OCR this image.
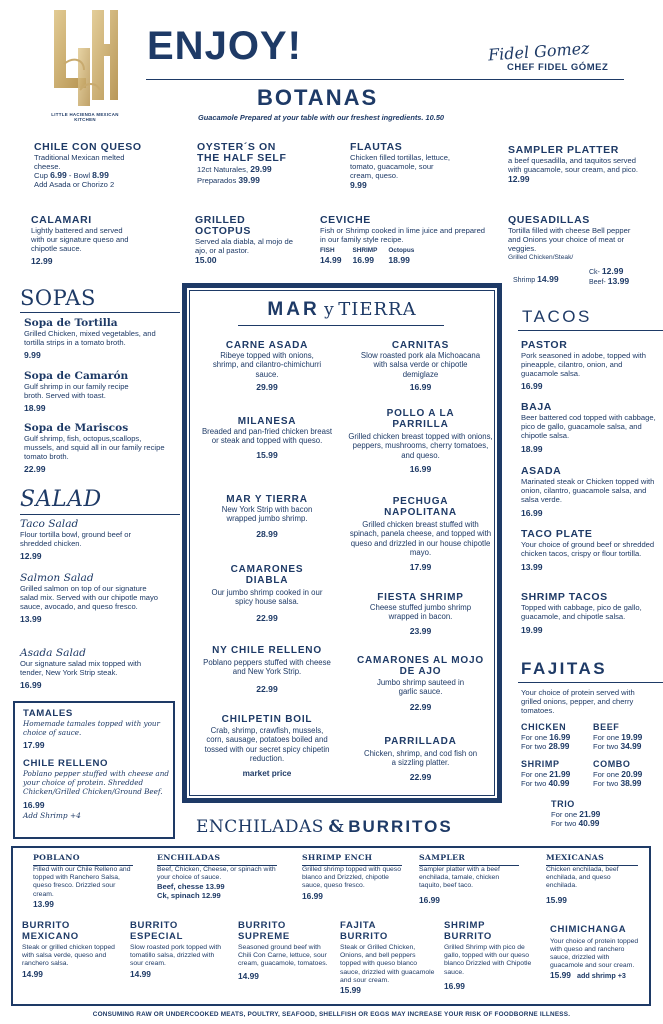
LITTLE HACIENDA MEXICAN KITCHEN
ENJOY!	Fidel Gomez
CHEF FIDEL GÓMEZ
BOTANAS
Guacamole Prepared at your table with our freshest ingredients. 10.50
CHILE CON QUESO
Traditional Mexican melted cheese.
Cup 6.99 - Bowl 8.99
Add Asada or Chorizo 2
OYSTER´S ON
THE HALF SELF
12ct Naturales, 29.99
Preparados 39.99
FLAUTAS
Chicken filled tortillas, lettuce, tomato, guacamole, sour cream, queso.
9.99
SAMPLER PLATTER
a beef quesadilla, and taquitos served with guacamole, sour cream, and pico.
12.99
CALAMARI
Lightly battered and served with our signature queso and chipotle sauce.
12.99
GRILLED
OCTOPUS
Served ala diabla, al mojo de ajo, or al pastor.
15.00
CEVICHE
Fish or Shrimp cooked in lime juice and prepared in our family style recipe.
FISH
14.99
SHRIMP
16.99
Octopus
18.99
QUESADILLAS
Tortilla filled with cheese Bell pepper and Onions your choice of meat or veggies.
Grilled Chicken/Steak/
Ck- 12.99
Beef- 13.99
Shrimp 14.99
SOPAS
Sopa de Tortilla
Grilled Chicken, mixed vegetables, and tortilla strips in a tomato broth.
9.99
Sopa de Camarón
Gulf shrimp in our family recipe broth. Served with toast.
18.99
Sopa de Mariscos
Gulf shrimp, fish, octopus,scallops, mussels, and squid all in our family recipe tomato broth.
22.99
SALAD
Taco Salad
Flour tortilla bowl, ground beef or shredded chicken.
12.99
Salmon Salad
Grilled salmon on top of our signature salad mix. Served with our chipotle mayo sauce, avocado, and queso fresco.
13.99
Asada Salad
Our signature salad mix topped with tender, New York Strip steak.
16.99
TAMALES
Homemade tamales topped with your choice of sauce.
17.99
CHILE RELLENO
Poblano pepper stuffed with cheese and your choice of protein. Shredded Chicken/Grilled Chicken/Ground Beef.
16.99
Add Shrimp +4
MAR y TIERRA
CARNE ASADA
Ribeye topped with onions, shrimp, and cilantro-chimichurri sauce.
29.99
MILANESA
Breaded and pan-fried chicken breast or steak and topped with queso.
15.99
MAR Y TIERRA
New York Strip with bacon wrapped jumbo shrimp.
28.99
CAMARONES DIABLA
Our jumbo shrimp cooked in our spicy house salsa.
22.99
NY CHILE RELLENO
Poblano peppers stuffed with cheese and New York Strip.
22.99
CHILPETIN BOIL
Crab, shrimp, crawfish, mussels, corn, sausage, potatoes boiled and tossed with our secret spicy chipetin reduction.
market price
CARNITAS
Slow roasted pork ala Michoacana with salsa verde or chipotle demiglaze
16.99
POLLO A LA PARRILLA
Grilled chicken breast topped with onions, peppers, mushrooms, cherry tomatoes, and queso.
16.99
PECHUGA NAPOLITANA
Grilled chicken breast stuffed with spinach, panela cheese, and topped with queso and drizzled in our house chipotle mayo.
17.99
FIESTA SHRIMP
Cheese stuffed jumbo shrimp wrapped in bacon.
23.99
CAMARONES AL MOJO DE AJO
Jumbo shrimp sauteed in garlic sauce.
22.99
PARRILLADA
Chicken, shrimp, and cod fish on a sizzling platter.
22.99
TACOS
PASTOR
Pork seasoned in adobe, topped with pineapple, cilantro, onion, and guacamole salsa.
16.99
BAJA
Beer battered cod topped with cabbage, pico de gallo, guacamole salsa, and chipotle salsa.
18.99
ASADA
Marinated steak or Chicken topped with onion, cilantro, guacamole salsa, and salsa verde.
16.99
TACO PLATE
Your choice of ground beef or shredded chicken tacos, crispy or flour tortilla.
13.99
SHRIMP TACOS
Topped with cabbage, pico de gallo, guacamole, and chipotle salsa.
19.99
FAJITAS
Your choice of protein served with grilled onions, pepper, and cherry tomatoes.
CHICKEN
For one 16.99
For two 28.99
BEEF
For one 19.99
For two 34.99
SHRIMP
For one 21.99
For two 40.99
COMBO
For one 20.99
For two 38.99
TRIO
For one 21.99
For two 40.99
ENCHILADAS & BURRITOS
POBLANO
Filled with our Chile Relleno and topped with Ranchero Salsa, queso fresco. Drizzled sour cream.
13.99
ENCHILADAS
Beef, Chicken, Cheese, or spinach with your choice of sauce.
Beef, chesse 13.99
Ck, spinach 12.99
SHRIMP ENCH
Grilled shrimp topped with queso blanco and Drizzled, chipotle sauce, queso fresco.
16.99
SAMPLER
Sampler platter with a beef enchilada, tamale, chicken taquito, beef taco.
16.99
MEXICANAS
Chicken enchilada, beef enchilada, and queso enchilada.
15.99
BURRITO
MEXICANO
Steak or grilled chicken topped with salsa verde, queso and ranchero salsa.
14.99
BURRITO
ESPECIAL
Slow roasted pork topped with tomatillo salsa, drizzled with sour cream.
14.99
BURRITO
SUPREME
Seasoned ground beef with Chili Con Carne, lettuce, sour cream, guacamole, tomatoes.
14.99
FAJITA
BURRITO
Steak or Grilled Chicken, Onions, and bell peppers topped with queso blanco sauce, drizzled with guacamole and sour cream.
15.99
SHRIMP
BURRITO
Grilled Shrimp with pico de gallo, topped with our queso blanco Drizzled with Chipotle sauce.
16.99
CHIMICHANGA
Your choice of protein topped with queso and ranchero sauce, drizzled with guacamole and sour cream.
15.99 add shrimp +3
CONSUMING RAW OR UNDERCOOKED MEATS, POULTRY, SEAFOOD, SHELLFISH OR EGGS MAY INCREASE YOUR RISK OF FOODBORNE ILLNESS.
